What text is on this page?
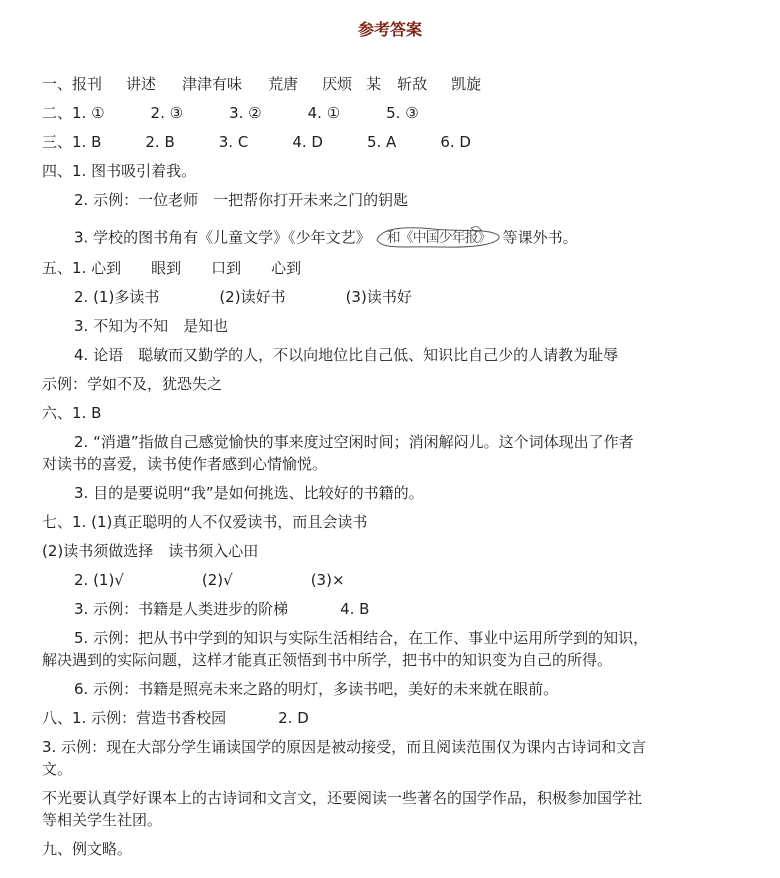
参考答案
一、报刊 讲述 津津有味 荒唐 厌烦 某 斩敌 凯旋
二、1. ①	2. ③	3. ②	4. ①	5. ③
三、1. B	2. B	3. C	4. D	5. A	6. D
四、1. 图书吸引着我。
2. 示例：一位老师　一把帮你打开未来之门的钥匙
3. 学校的图书角有《儿童文学》《少年文艺》 和《中国少年报》 等课外书。
五、1. 心到 眼到 口到 心到
2. (1)多读书	(2)读好书	(3)读书好
3. 不知为不知　是知也
4. 论语　聪敏而又勤学的人，不以向地位比自己低、知识比自己少的人请教为耻辱
示例：学如不及，犹恐失之
六、1. B
2. “消遣”指做自己感觉愉快的事来度过空闲时间；消闲解闷儿。这个词体现出了作者
对读书的喜爱，读书使作者感到心情愉悦。
3. 目的是要说明“我”是如何挑选、比较好的书籍的。
七、1. (1)真正聪明的人不仅爱读书，而且会读书
(2)读书须做选择　读书须入心田
2. (1)√	(2)√	(3)×
3. 示例：书籍是人类进步的阶梯	4. B
5. 示例：把从书中学到的知识与实际生活相结合，在工作、事业中运用所学到的知识，
解决遇到的实际问题，这样才能真正领悟到书中所学，把书中的知识变为自己的所得。
6. 示例：书籍是照亮未来之路的明灯，多读书吧，美好的未来就在眼前。
八、1. 示例：营造书香校园	2. D
3. 示例：现在大部分学生诵读国学的原因是被动接受，而且阅读范围仅为课内古诗词和文言
文。
不光要认真学好课本上的古诗词和文言文，还要阅读一些著名的国学作品，积极参加国学社
等相关学生社团。
九、例文略。
